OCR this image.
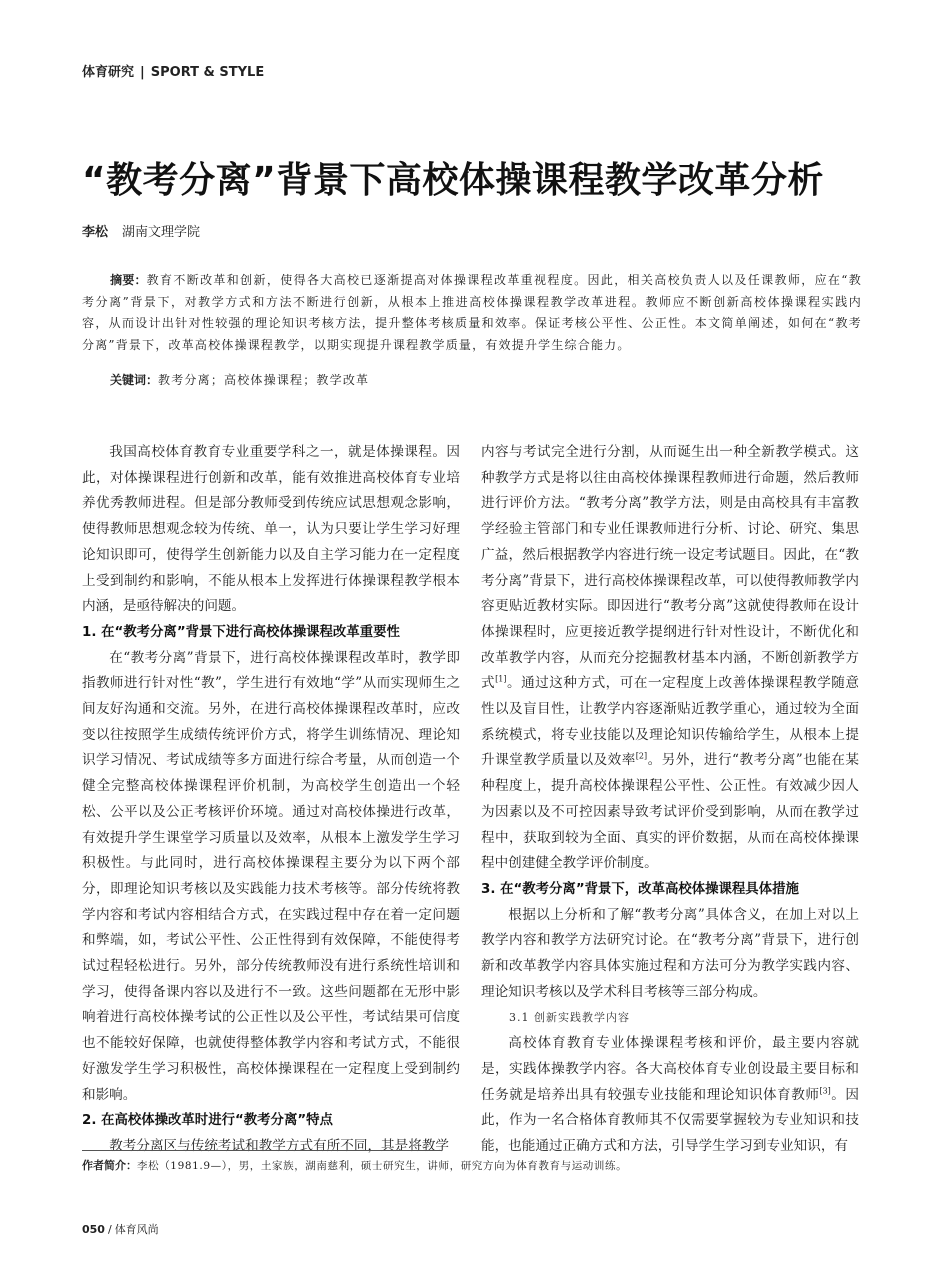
体育研究 | SPORT & STYLE
“教考分离”背景下高校体操课程教学改革分析
李松 湖南文理学院
摘要：教育不断改革和创新，使得各大高校已逐渐提高对体操课程改革重视程度。因此，相关高校负责人以及任课教师，应在“教考分离”背景下，对教学方式和方法不断进行创新，从根本上推进高校体操课程教学改革进程。教师应不断创新高校体操课程实践内容，从而设计出针对性较强的理论知识考核方法，提升整体考核质量和效率。保证考核公平性、公正性。本文简单阐述，如何在“教考分离”背景下，改革高校体操课程教学，以期实现提升课程教学质量，有效提升学生综合能力。
关键词：教考分离；高校体操课程；教学改革

我国高校体育教育专业重要学科之一，就是体操课程。因此，对体操课程进行创新和改革，能有效推进高校体育专业培养优秀教师进程。但是部分教师受到传统应试思想观念影响，使得教师思想观念较为传统、单一，认为只要让学生学习好理论知识即可，使得学生创新能力以及自主学习能力在一定程度上受到制约和影响，不能从根本上发挥进行体操课程教学根本内涵，是亟待解决的问题。

1. 在“教考分离”背景下进行高校体操课程改革重要性

在“教考分离”背景下，进行高校体操课程改革时，教学即指教师进行针对性“教”，学生进行有效地“学”从而实现师生之间友好沟通和交流。另外，在进行高校体操课程改革时，应改变以往按照学生成绩传统评价方式，将学生训练情况、理论知识学习情况、考试成绩等多方面进行综合考量，从而创造一个健全完整高校体操课程评价机制，为高校学生创造出一个轻松、公平以及公正考核评价环境。通过对高校体操进行改革，有效提升学生课堂学习质量以及效率，从根本上激发学生学习积极性。与此同时，进行高校体操课程主要分为以下两个部分，即理论知识考核以及实践能力技术考核等。部分传统将教学内容和考试内容相结合方式，在实践过程中存在着一定问题和弊端，如，考试公平性、公正性得到有效保障，不能使得考试过程轻松进行。另外，部分传统教师没有进行系统性培训和学习，使得备课内容以及进行不一致。这些问题都在无形中影响着进行高校体操考试的公正性以及公平性，考试结果可信度也不能较好保障，也就使得整体教学内容和考试方式，不能很好激发学生学习积极性，高校体操课程在一定程度上受到制约和影响。

2. 在高校体操改革时进行“教考分离”特点

教考分离区与传统考试和教学方式有所不同，其是将教学

内容与考试完全进行分割，从而诞生出一种全新教学模式。这种教学方式是将以往由高校体操课程教师进行命题，然后教师进行评价方法。“教考分离”教学方法，则是由高校具有丰富教学经验主管部门和专业任课教师进行分析、讨论、研究、集思广益，然后根据教学内容进行统一设定考试题目。因此，在“教考分离”背景下，进行高校体操课程改革，可以使得教师教学内容更贴近教材实际。即因进行“教考分离”这就使得教师在设计体操课程时，应更接近教学提纲进行针对性设计，不断优化和改革教学内容，从而充分挖掘教材基本内涵，不断创新教学方式[1]。通过这种方式，可在一定程度上改善体操课程教学随意性以及盲目性，让教学内容逐渐贴近教学重心，通过较为全面系统模式，将专业技能以及理论知识传输给学生，从根本上提升课堂教学质量以及效率[2]。另外，进行“教考分离”也能在某种程度上，提升高校体操课程公平性、公正性。有效减少因人为因素以及不可控因素导致考试评价受到影响，从而在教学过程中，获取到较为全面、真实的评价数据，从而在高校体操课程中创建健全教学评价制度。

3. 在“教考分离”背景下，改革高校体操课程具体措施

根据以上分析和了解“教考分离”具体含义，在加上对以上教学内容和教学方法研究讨论。在“教考分离”背景下，进行创新和改革教学内容具体实施过程和方法可分为教学实践内容、理论知识考核以及学术科目考核等三部分构成。

3.1 创新实践教学内容

高校体育教育专业体操课程考核和评价，最主要内容就是，实践体操教学内容。各大高校体育专业创设最主要目标和任务就是培养出具有较强专业技能和理论知识体育教师[3]。因此，作为一名合格体育教师其不仅需要掌握较为专业知识和技能，也能通过正确方式和方法，引导学生学习到专业知识，有

作者简介：李松（1981.9—），男，土家族，湖南慈利，硕士研究生，讲师，研究方向为体育教育与运动训练。
050 / 体育风尚
